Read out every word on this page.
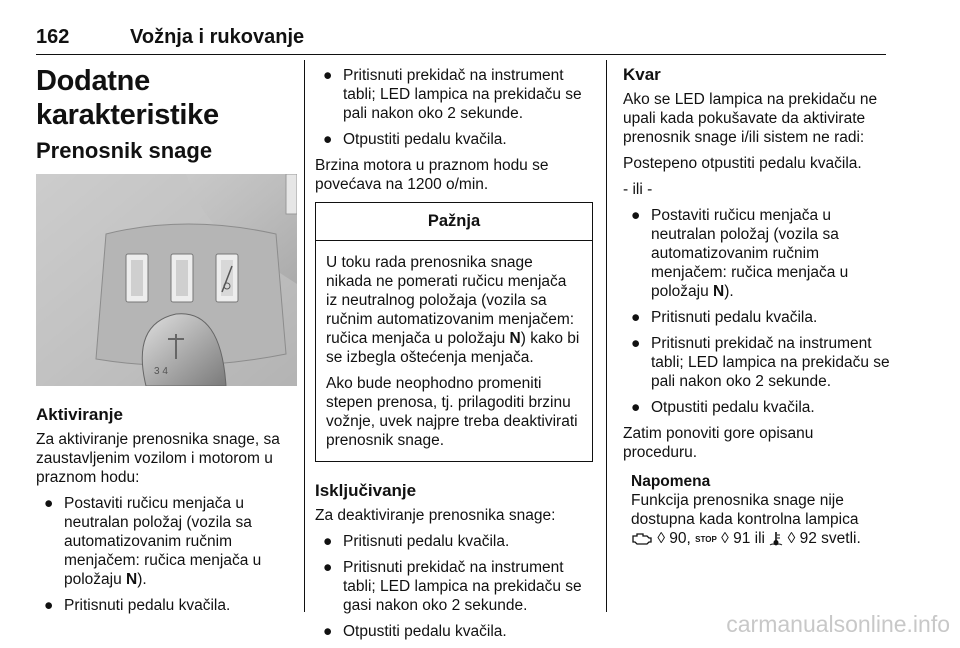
162	Vožnja i rukovanje
Dodatne karakteristike
Prenosnik snage
3 4
Aktiviranje

Za aktiviranje prenosnika snage, sa zaustavljenim vozilom i motorom u praznom hodu:

● Postaviti ručicu menjača u neutralan položaj (vozila sa automatizovanim ručnim menjačem: ručica menjača u položaju N).
● Pritisnuti pedalu kvačila.
● Pritisnuti prekidač na instrument tabli; LED lampica na prekidaču se pali nakon oko 2 sekunde.
● Otpustiti pedalu kvačila.

Brzina motora u praznom hodu se povećava na 1200 o/min.

Pažnja

U toku rada prenosnika snage nikada ne pomerati ručicu menjača iz neutralnog položaja (vozila sa ručnim automatizovanim menjačem: ručica menjača u položaju N) kako bi se izbegla oštećenja menjača.

Ako bude neophodno promeniti stepen prenosa, tj. prilagoditi brzinu vožnje, uvek najpre treba deaktivirati prenosnik snage.

Isključivanje

Za deaktiviranje prenosnika snage:

● Pritisnuti pedalu kvačila.
● Pritisnuti prekidač na instrument tabli; LED lampica na prekidaču se gasi nakon oko 2 sekunde.
● Otpustiti pedalu kvačila.
Kvar

Ako se LED lampica na prekidaču ne upali kada pokušavate da aktivirate prenosnik snage i/ili sistem ne radi:

Postepeno otpustiti pedalu kvačila.

- ili -

● Postaviti ručicu menjača u neutralan položaj (vozila sa automatizovanim ručnim menjačem: ručica menjača u položaju N).
● Pritisnuti pedalu kvačila.
● Pritisnuti prekidač na instrument tabli; LED lampica na prekidaču se pali nakon oko 2 sekunde.
● Otpustiti pedalu kvačila.

Zatim ponoviti gore opisanu proceduru.

Napomena

Funkcija prenosnika snage nije dostupna kada kontrolna lampica
◊ 90, STOP ◊ 91 ili ◊ 92 svetli.

carmanualsonline.info
